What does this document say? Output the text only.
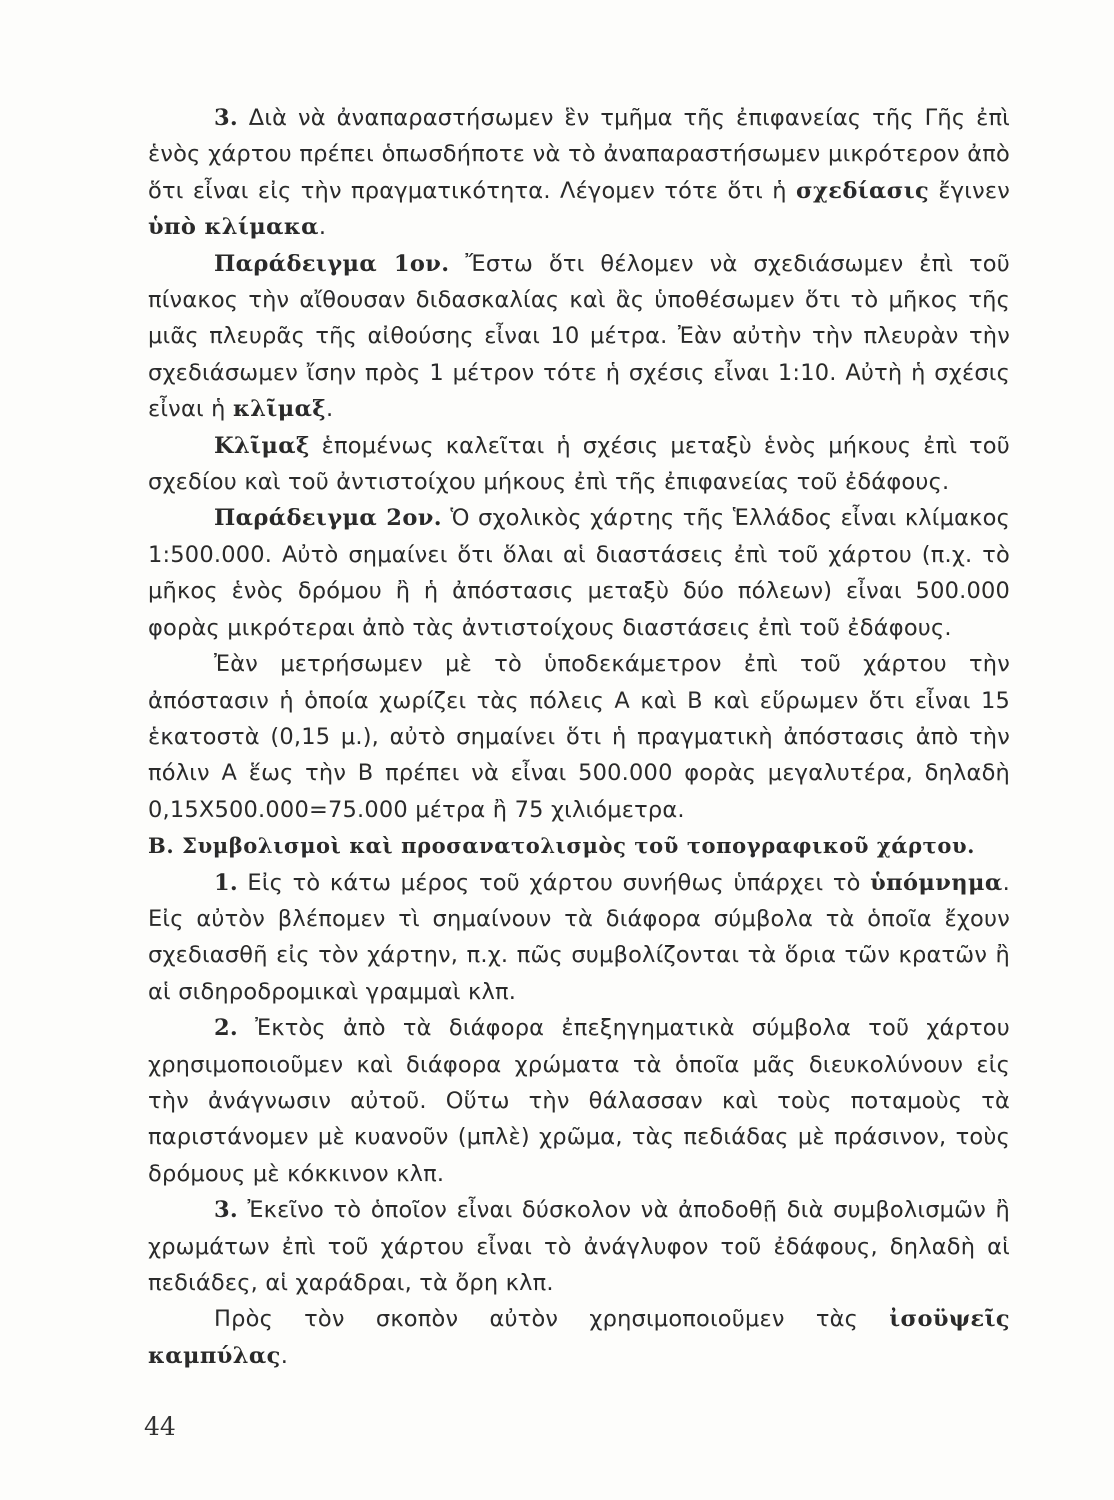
3. Διὰ νὰ ἀναπαραστήσωμεν ἓν τμῆμα τῆς ἐπιφανείας τῆς Γῆς ἐπὶ ἑνὸς χάρτου πρέπει ὁπωσδήποτε νὰ τὸ ἀναπαραστήσωμεν μικρότερον ἀπὸ ὅτι εἶναι εἰς τὴν πραγματικότητα. Λέγομεν τότε ὅτι ἡ σχεδίασις ἔγινεν ὑπὸ κλίμακα.

Παράδειγμα 1ον. Ἔστω ὅτι θέλομεν νὰ σχεδιάσωμεν ἐπὶ τοῦ πίνακος τὴν αἴθουσαν διδασκαλίας καὶ ἂς ὑποθέσωμεν ὅτι τὸ μῆκος τῆς μιᾶς πλευρᾶς τῆς αἰθούσης εἶναι 10 μέτρα. Ἐὰν αὐτὴν τὴν πλευρὰν τὴν σχεδιάσωμεν ἴσην πρὸς 1 μέτρον τότε ἡ σχέσις εἶναι 1:10. Αὐτὴ ἡ σχέσις εἶναι ἡ κλῖμαξ.

Κλῖμαξ ἑπομένως καλεῖται ἡ σχέσις μεταξὺ ἑνὸς μήκους ἐπὶ τοῦ σχεδίου καὶ τοῦ ἀντιστοίχου μήκους ἐπὶ τῆς ἐπιφανείας τοῦ ἐδάφους.

Παράδειγμα 2ον. Ὁ σχολικὸς χάρτης τῆς Ἑλλάδος εἶναι κλίμακος 1:500.000. Αὐτὸ σημαίνει ὅτι ὅλαι αἱ διαστάσεις ἐπὶ τοῦ χάρτου (π.χ. τὸ μῆκος ἑνὸς δρόμου ἢ ἡ ἀπόστασις μεταξὺ δύο πόλεων) εἶναι 500.000 φορὰς μικρότεραι ἀπὸ τὰς ἀντιστοίχους διαστάσεις ἐπὶ τοῦ ἐδάφους.

Ἐὰν μετρήσωμεν μὲ τὸ ὑποδεκάμετρον ἐπὶ τοῦ χάρτου τὴν ἀπόστασιν ἡ ὁποία χωρίζει τὰς πόλεις Α καὶ Β καὶ εὕρωμεν ὅτι εἶναι 15 ἑκατοστὰ (0,15 μ.), αὐτὸ σημαίνει ὅτι ἡ πραγματικὴ ἀπόστασις ἀπὸ τὴν πόλιν Α ἕως τὴν Β πρέπει νὰ εἶναι 500.000 φορὰς μεγαλυτέρα, δηλαδὴ 0,15Χ500.000=75.000 μέτρα ἢ 75 χιλιόμετρα.

Β. Συμβολισμοὶ καὶ προσανατολισμὸς τοῦ τοπογραφικοῦ χάρτου.

1. Εἰς τὸ κάτω μέρος τοῦ χάρτου συνήθως ὑπάρχει τὸ ὑπόμνημα. Εἰς αὐτὸν βλέπομεν τὶ σημαίνουν τὰ διάφορα σύμβολα τὰ ὁποῖα ἔχουν σχεδιασθῆ εἰς τὸν χάρτην, π.χ. πῶς συμβολίζονται τὰ ὅρια τῶν κρατῶν ἢ αἱ σιδηροδρομικαὶ γραμμαὶ κλπ.

2. Ἐκτὸς ἀπὸ τὰ διάφορα ἐπεξηγηματικὰ σύμβολα τοῦ χάρτου χρησιμοποιοῦμεν καὶ διάφορα χρώματα τὰ ὁποῖα μᾶς διευκολύνουν εἰς τὴν ἀνάγνωσιν αὐτοῦ. Οὕτω τὴν θάλασσαν καὶ τοὺς ποταμοὺς τὰ παριστάνομεν μὲ κυανοῦν (μπλὲ) χρῶμα, τὰς πεδιάδας μὲ πράσινον, τοὺς δρόμους μὲ κόκκινον κλπ.

3. Ἐκεῖνο τὸ ὁποῖον εἶναι δύσκολον νὰ ἀποδοθῇ διὰ συμβολισμῶν ἢ χρωμάτων ἐπὶ τοῦ χάρτου εἶναι τὸ ἀνάγλυφον τοῦ ἐδάφους, δηλαδὴ αἱ πεδιάδες, αἱ χαράδραι, τὰ ὄρη κλπ.

Πρὸς τὸν σκοπὸν αὐτὸν χρησιμοποιοῦμεν τὰς ἰσοϋψεῖς καμπύλας.

44
